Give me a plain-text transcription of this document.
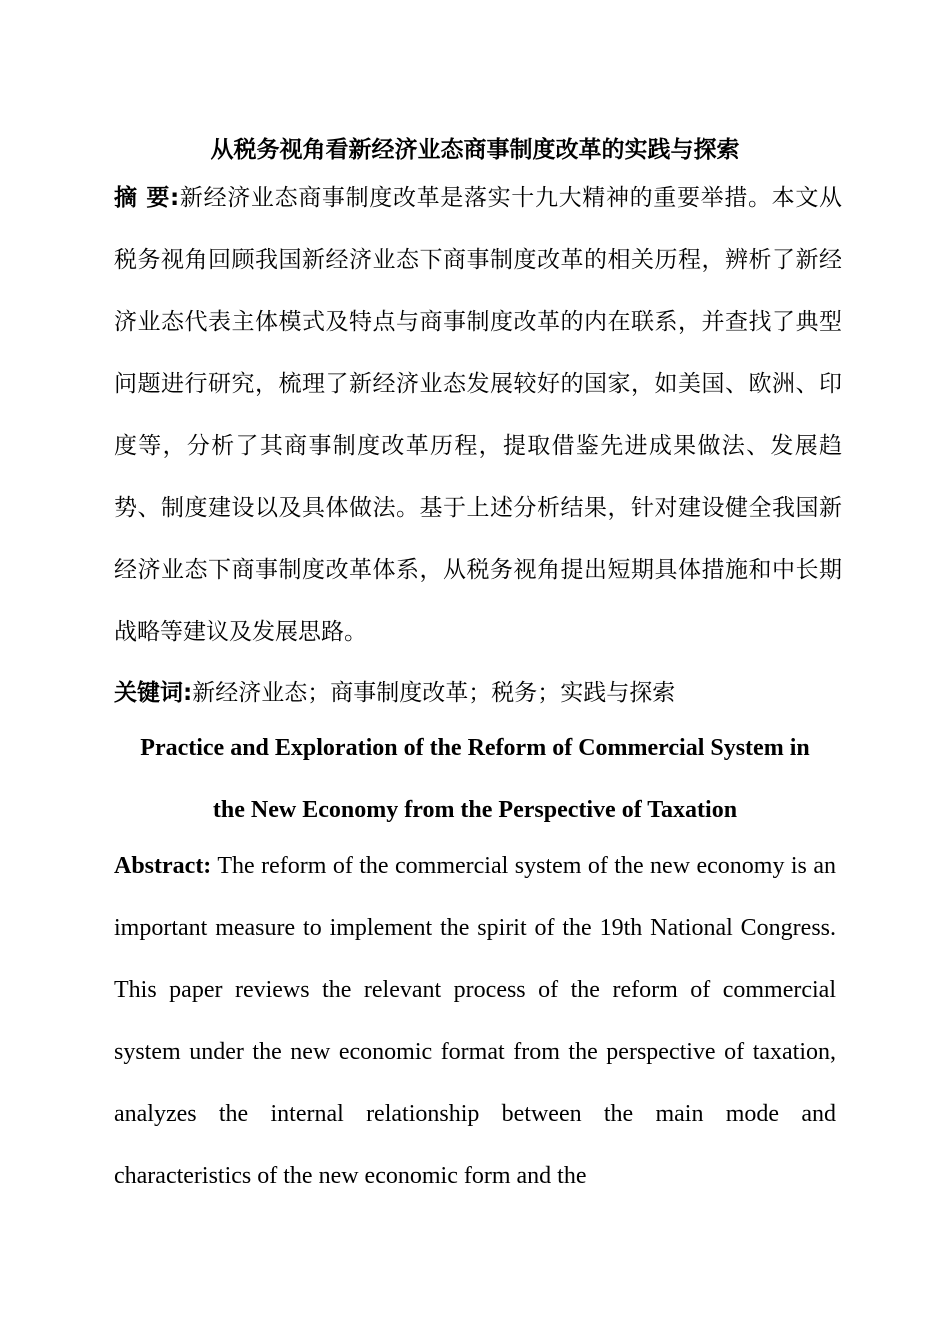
从税务视角看新经济业态商事制度改革的实践与探索

摘 要:新经济业态商事制度改革是落实十九大精神的重要举措。本文从税务视角回顾我国新经济业态下商事制度改革的相关历程，辨析了新经济业态代表主体模式及特点与商事制度改革的内在联系，并查找了典型问题进行研究，梳理了新经济业态发展较好的国家，如美国、欧洲、印度等，分析了其商事制度改革历程，提取借鉴先进成果做法、发展趋势、制度建设以及具体做法。基于上述分析结果，针对建设健全我国新经济业态下商事制度改革体系，从税务视角提出短期具体措施和中长期战略等建议及发展思路。

关键词:新经济业态；商事制度改革；税务；实践与探索

Practice and Exploration of the Reform of Commercial System in
the New Economy from the Perspective of Taxation

Abstract: The reform of the commercial system of the new economy is an important measure to implement the spirit of the 19th National Congress. This paper reviews the relevant process of the reform of commercial system under the new economic format from the perspective of taxation, analyzes the internal relationship between the main mode and characteristics of the new economic form and the
